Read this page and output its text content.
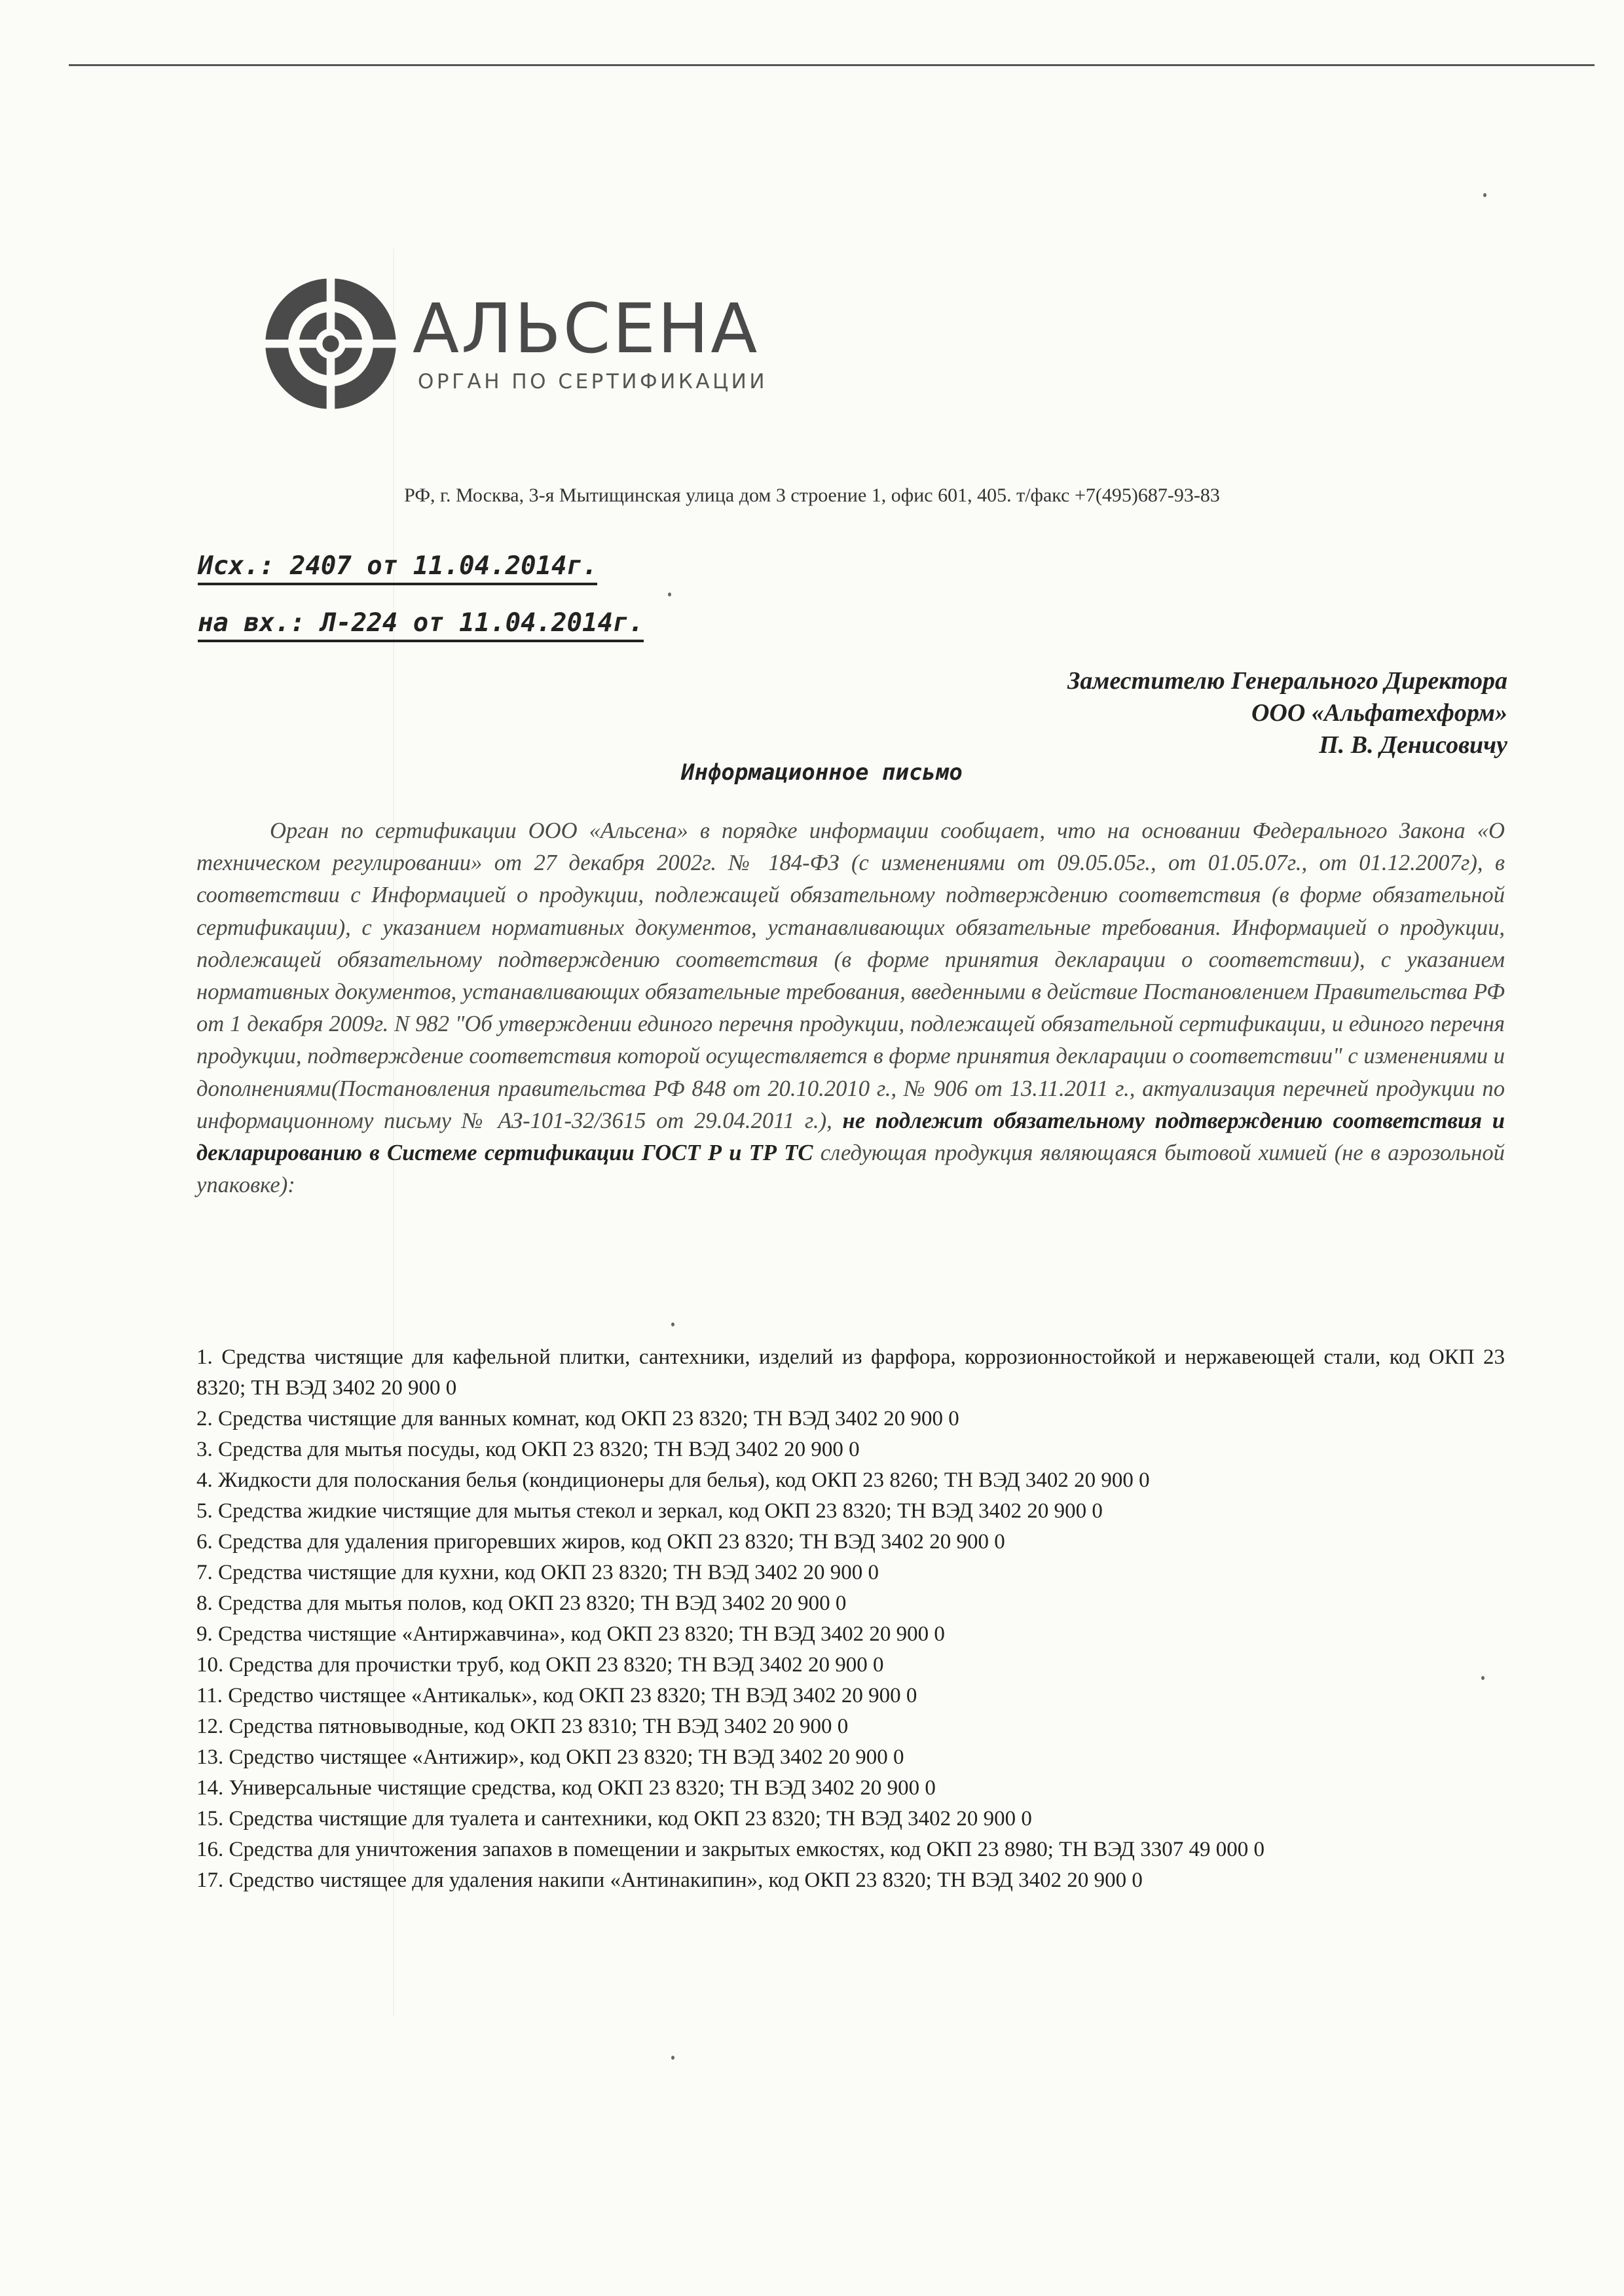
АЛЬСЕНА
ОРГАН ПО СЕРТИФИКАЦИИ
РФ, г. Москва, 3-я Мытищинская улица дом 3 строение 1, офис 601, 405. т/факс +7(495)687-93-83
Исх.: 2407 от 11.04.2014г.
на вх.: Л-224 от 11.04.2014г.
Заместителю Генерального Директора
ООО «Альфатехформ»
П. В. Денисовичу
Информационное письмо

Орган по сертификации ООО «Альсена» в порядке информации сообщает, что на основании Федерального Закона «О техническом регулировании» от 27 декабря 2002г. № 184-ФЗ (с изменениями от 09.05.05г., от 01.05.07г., от 01.12.2007г), в соответствии с Информацией о продукции, подлежащей обязательному подтверждению соответствия (в форме обязательной сертификации), с указанием нормативных документов, устанавливающих обязательные требования. Информацией о продукции, подлежащей обязательному подтверждению соответствия (в форме принятия декларации о соответствии), с указанием нормативных документов, устанавливающих обязательные требования, введенными в действие Постановлением Правительства РФ от 1 декабря 2009г. N 982 "Об утверждении единого перечня продукции, подлежащей обязательной сертификации, и единого перечня продукции, подтверждение соответствия которой осуществляется в форме принятия декларации о соответствии" с изменениями и дополнениями(Постановления правительства РФ 848 от 20.10.2010 г., № 906 от 13.11.2011 г., актуализация перечней продукции по информационному письму № АЗ-101-32/3615 от 29.04.2011 г.), не подлежит обязательному подтверждению соответствия и декларированию в Системе сертификации ГОСТ Р и ТР ТС следующая продукция являющаяся бытовой химией (не в аэрозольной упаковке):

1. Средства чистящие для кафельной плитки, сантехники, изделий из фарфора, коррозионностойкой и нержавеющей стали, код ОКП 23 8320; ТН ВЭД 3402 20 900 0
2. Средства чистящие для ванных комнат, код ОКП 23 8320; ТН ВЭД 3402 20 900 0
3. Средства для мытья посуды, код ОКП 23 8320; ТН ВЭД 3402 20 900 0
4. Жидкости для полоскания белья (кондиционеры для белья), код ОКП 23 8260; ТН ВЭД 3402 20 900 0
5. Средства жидкие чистящие для мытья стекол и зеркал, код ОКП 23 8320; ТН ВЭД 3402 20 900 0
6. Средства для удаления пригоревших жиров, код ОКП 23 8320; ТН ВЭД 3402 20 900 0
7. Средства чистящие для кухни, код ОКП 23 8320; ТН ВЭД 3402 20 900 0
8. Средства для мытья полов, код ОКП 23 8320; ТН ВЭД 3402 20 900 0
9. Средства чистящие «Антиржавчина», код ОКП 23 8320; ТН ВЭД 3402 20 900 0
10. Средства для прочистки труб, код ОКП 23 8320; ТН ВЭД 3402 20 900 0
11. Средство чистящее «Антикальк», код ОКП 23 8320; ТН ВЭД 3402 20 900 0
12. Средства пятновыводные, код ОКП 23 8310; ТН ВЭД 3402 20 900 0
13. Средство чистящее «Антижир», код ОКП 23 8320; ТН ВЭД 3402 20 900 0
14. Универсальные чистящие средства, код ОКП 23 8320; ТН ВЭД 3402 20 900 0
15. Средства чистящие для туалета и сантехники, код ОКП 23 8320; ТН ВЭД 3402 20 900 0
16. Средства для уничтожения запахов в помещении и закрытых емкостях, код ОКП 23 8980; ТН ВЭД 3307 49 000 0
17. Средство чистящее для удаления накипи «Антинакипин», код ОКП 23 8320; ТН ВЭД 3402 20 900 0
